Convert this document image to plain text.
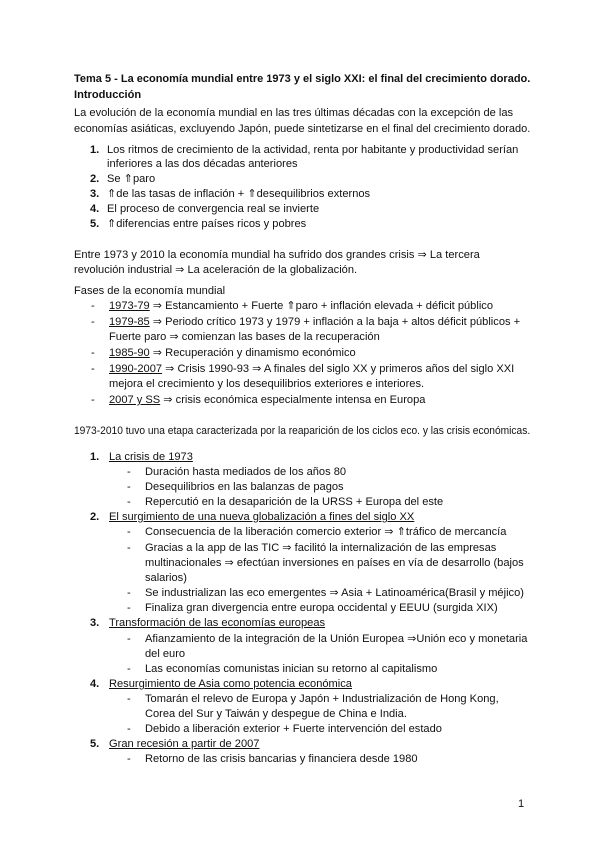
Tema 5 - La economía mundial entre 1973 y el siglo XXI: el final del crecimiento dorado.
Introducción
La evolución de la economía mundial en las tres últimas décadas con la excepción de las
economías asiáticas, excluyendo Japón, puede sintetizarse en el final del crecimiento dorado.
1. Los ritmos de crecimiento de la actividad, renta por habitante y productividad serían
inferiores a las dos décadas anteriores
2. Se ⇑paro
3. ⇑de las tasas de inflación + ⇑desequilibrios externos
4. El proceso de convergencia real se invierte
5. ⇑diferencias entre países ricos y pobres
Entre 1973 y 2010 la economía mundial ha sufrido dos grandes crisis ⇒ La tercera
revolución industrial ⇒ La aceleración de la globalización.
Fases de la economía mundial
- 1973-79 ⇒ Estancamiento + Fuerte ⇑paro + inflación elevada + déficit público
- 1979-85 ⇒ Periodo crítico 1973 y 1979 + inflación a la baja + altos déficit públicos +
Fuerte paro ⇒ comienzan las bases de la recuperación
- 1985-90 ⇒ Recuperación y dinamismo económico
- 1990-2007 ⇒ Crisis 1990-93 ⇒ A finales del siglo XX y primeros años del siglo XXI
mejora el crecimiento y los desequilibrios exteriores e interiores.
- 2007 y SS ⇒ crisis económica especialmente intensa en Europa
1973-2010 tuvo una etapa caracterizada por la reaparición de los ciclos eco. y las crisis económicas.
1. La crisis de 1973
- Duración hasta mediados de los años 80
- Desequilibrios en las balanzas de pagos
- Repercutió en la desaparición de la URSS + Europa del este
2. El surgimiento de una nueva globalización a fines del siglo XX
- Consecuencia de la liberación comercio exterior ⇒ ⇑tráfico de mercancía
- Gracias a la app de las TIC ⇒ facilitó la internalización de las empresas
multinacionales ⇒ efectúan inversiones en países en vía de desarrollo (bajos
salarios)
- Se industrializan las eco emergentes ⇒ Asia + Latinoamérica(Brasil y méjico)
- Finaliza gran divergencia entre europa occidental y EEUU (surgida XIX)
3. Transformación de las economías europeas
- Afianzamiento de la integración de la Unión Europea ⇒Unión eco y monetaria
del euro
- Las economías comunistas inician su retorno al capitalismo
4. Resurgimiento de Asia como potencia económica
- Tomarán el relevo de Europa y Japón + Industrialización de Hong Kong,
Corea del Sur y Taiwán y despegue de China e India.
- Debido a liberación exterior + Fuerte intervención del estado
5. Gran recesión a partir de 2007
- Retorno de las crisis bancarias y financiera desde 1980
1
